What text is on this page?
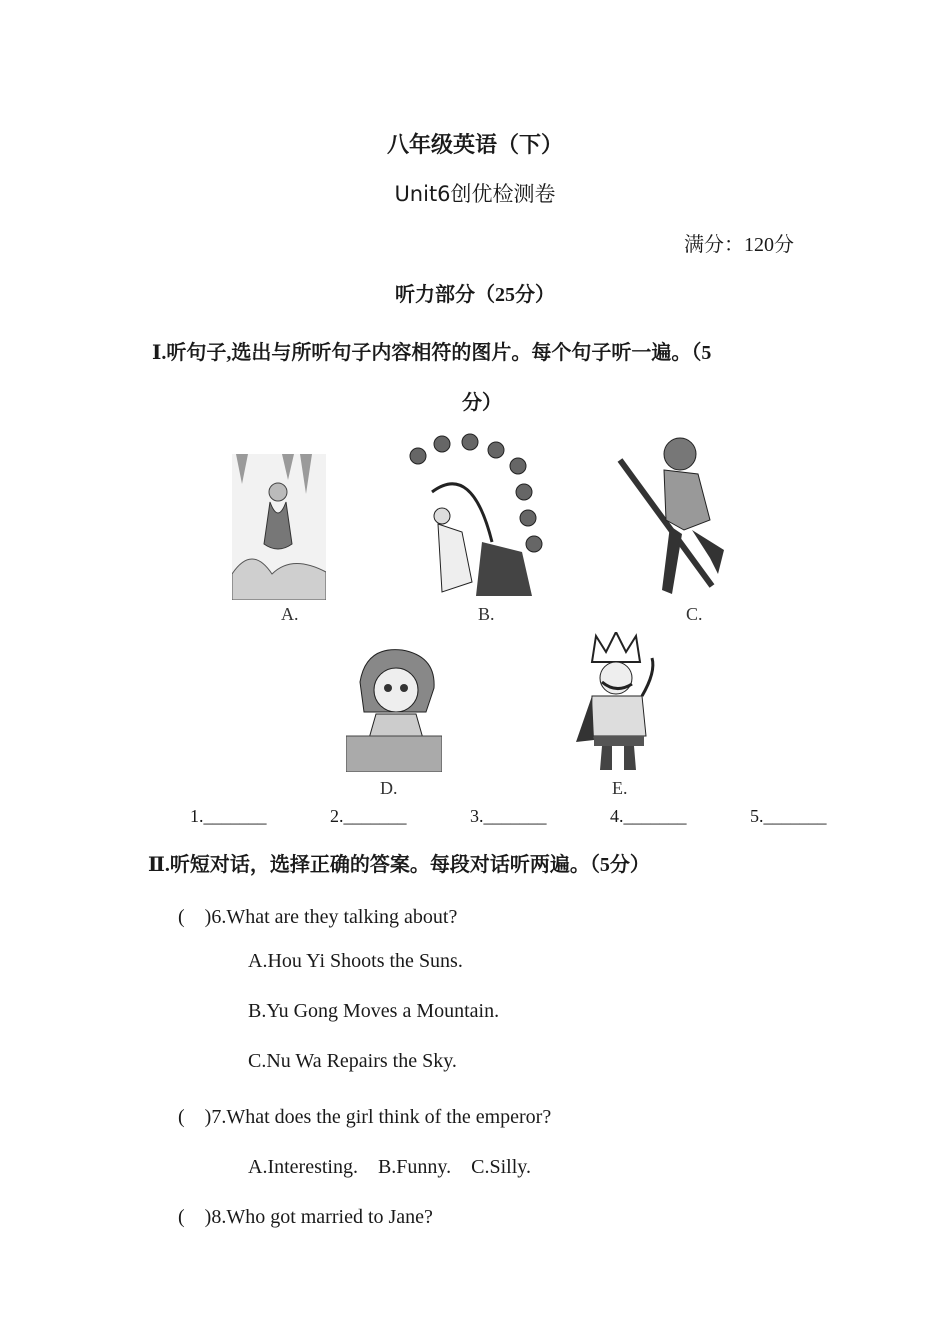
八年级英语（下）
Unit6创优检测卷
满分：120分
听力部分（25分）
Ⅰ.听句子,选出与所听句子内容相符的图片。每个句子听一遍。（5
分）
A.	B.	C.
D.	E.
1._______	2._______	3._______	4._______	5._______
Ⅱ.听短对话，选择正确的答案。每段对话听两遍。（5分）
(　)6.What are they talking about?
A.Hou Yi Shoots the Suns.
B.Yu Gong Moves a Mountain.
C.Nu Wa Repairs the Sky.
(　)7.What does the girl think of the emperor?
A.Interesting.　B.Funny.　C.Silly.
(　)8.Who got married to Jane?
